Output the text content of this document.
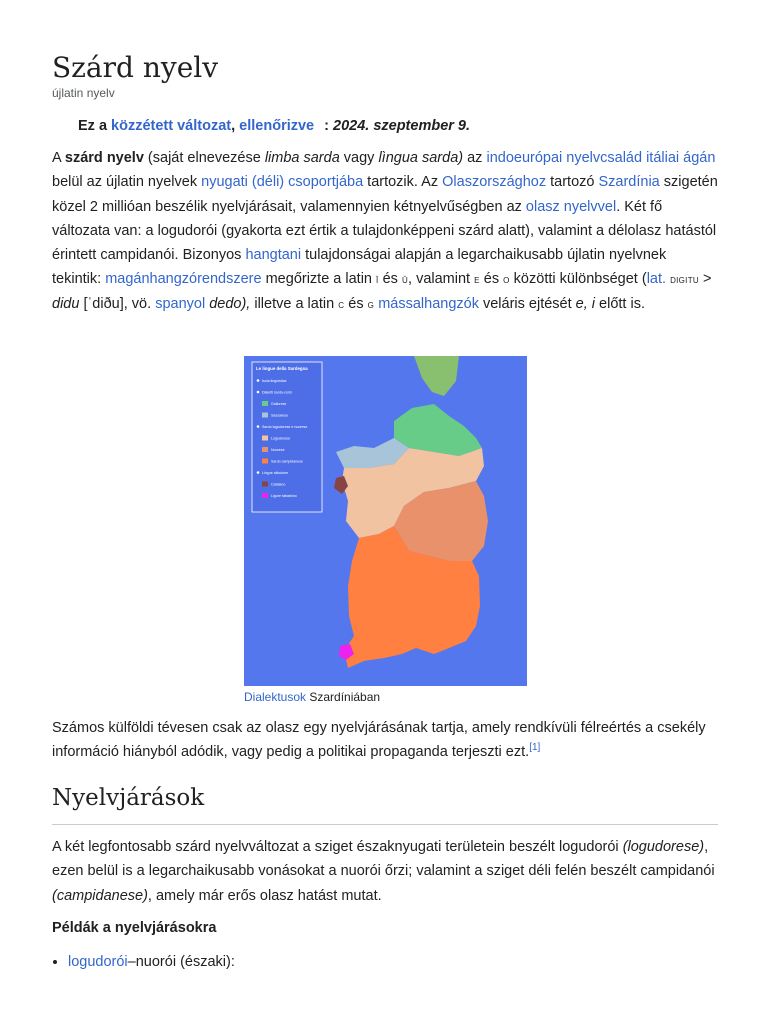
Szárd nyelv
újlatin nyelv
Ez a közzétett változat, ellenőrizve : 2024. szeptember 9.

A szárd nyelv (saját elnevezése limba sarda vagy lìngua sarda) az indoeurópai nyelvcsalád itáliai ágán belül az újlatin nyelvek nyugati (déli) csoportjába tartozik. Az Olaszországhoz tartozó Szardínia szigetén közel 2 millióan beszélik nyelvjárásait, valamennyien kétnyelvűségben az olasz nyelvvel. Két fő változata van: a logudorói (gyakorta ezt értik a tulajdonképpeni szárd alatt), valamint a délolasz hatástól érintett campidanói. Bizonyos hangtani tulajdonságai alapján a legarchaikusabb újlatin nyelvnek tekintik: magánhangzórendszere megőrizte a latin ĭ és ŭ, valamint e és o közötti különbséget (lat. digitu > didu [ˈdiðu], vö. spanyol dedo), illetve a latin c és g mássalhangzók veláris ejtését e, i előtt is.

Le lingue della Sardegna
Isola linguistica
Dialetti sardo-corsi
Gallurese
Sassarese
Sardo logudorese e nuorese
Logudorese
Nuorese
Sardo campidanese
Lingue alloctone
Catalano
Ligure tabarkino
Dialektusok Szardíniában

Számos külföldi tévesen csak az olasz egy nyelvjárásának tartja, amely rendkívüli félreértés a csekély információ hiányból adódik, vagy pedig a politikai propaganda terjeszti ezt.[1]

Nyelvjárások

A két legfontosabb szárd nyelvváltozat a sziget északnyugati területein beszélt logudorói (logudorese), ezen belül is a legarchaikusabb vonásokat a nuorói őrzi; valamint a sziget déli felén beszélt campidanói (campidanese), amely már erős olasz hatást mutat.

Példák a nyelvjárásokra
• logudorói–nuorói (északi):
